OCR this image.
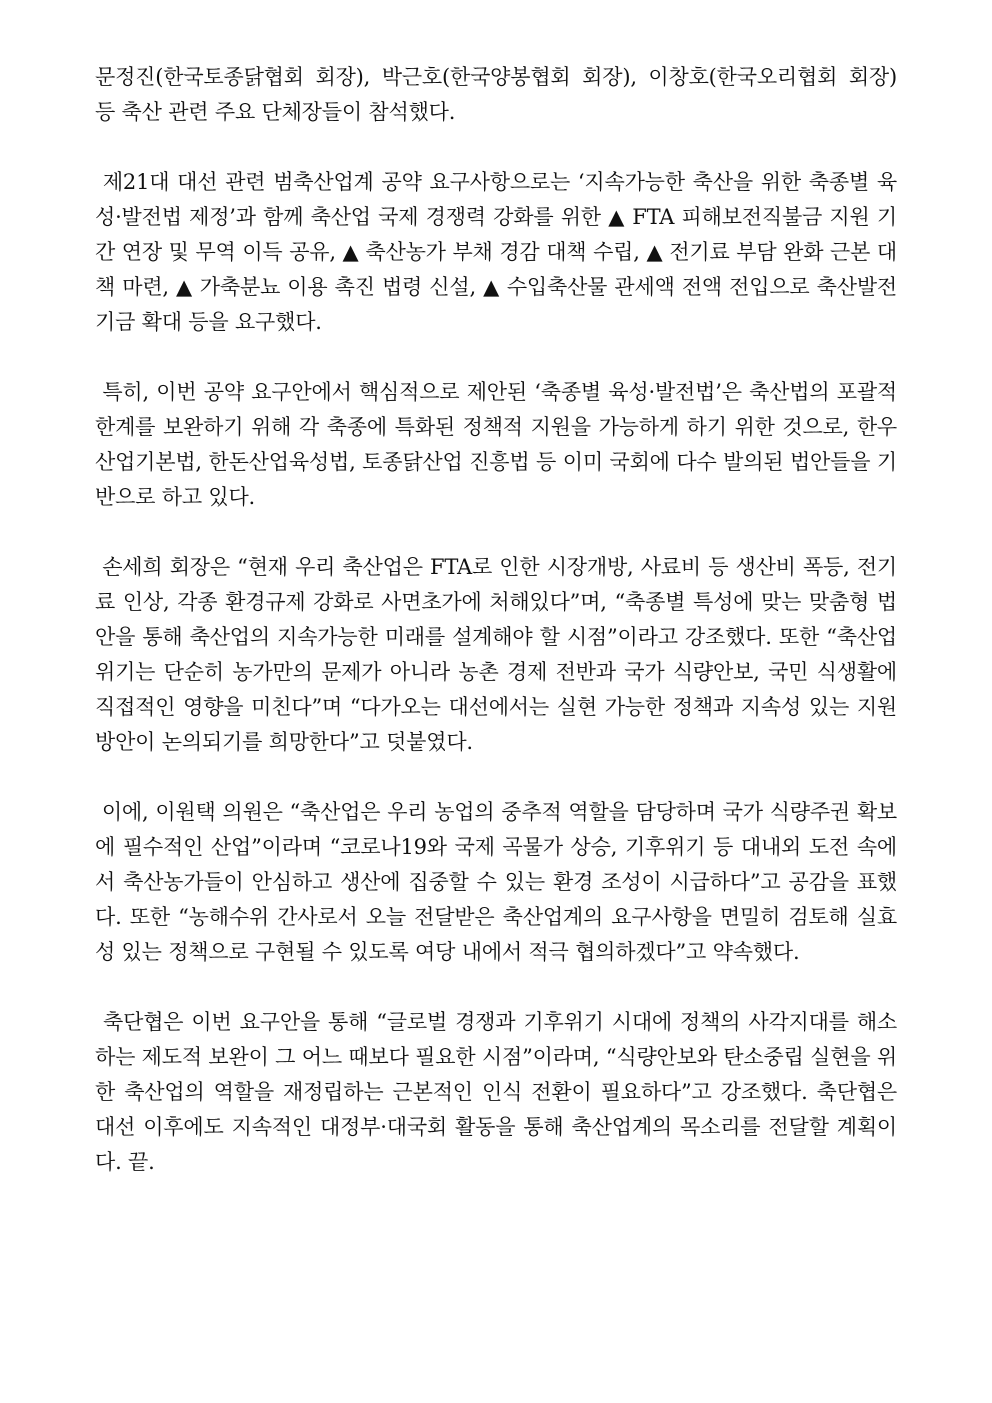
문정진(한국토종닭협회 회장), 박근호(한국양봉협회 회장), 이창호(한국오리협회 회장) 등 축산 관련 주요 단체장들이 참석했다.

제21대 대선 관련 범축산업계 공약 요구사항으로는 ‘지속가능한 축산을 위한 축종별 육성·발전법 제정’과 함께 축산업 국제 경쟁력 강화를 위한 ▲ FTA 피해보전직불금 지원 기간 연장 및 무역 이득 공유, ▲ 축산농가 부채 경감 대책 수립, ▲ 전기료 부담 완화 근본 대책 마련, ▲ 가축분뇨 이용 촉진 법령 신설, ▲ 수입축산물 관세액 전액 전입으로 축산발전기금 확대 등을 요구했다.

특히, 이번 공약 요구안에서 핵심적으로 제안된 ‘축종별 육성·발전법’은 축산법의 포괄적 한계를 보완하기 위해 각 축종에 특화된 정책적 지원을 가능하게 하기 위한 것으로, 한우산업기본법, 한돈산업육성법, 토종닭산업 진흥법 등 이미 국회에 다수 발의된 법안들을 기반으로 하고 있다.

손세희 회장은 “현재 우리 축산업은 FTA로 인한 시장개방, 사료비 등 생산비 폭등, 전기료 인상, 각종 환경규제 강화로 사면초가에 처해있다”며, “축종별 특성에 맞는 맞춤형 법안을 통해 축산업의 지속가능한 미래를 설계해야 할 시점”이라고 강조했다. 또한 “축산업 위기는 단순히 농가만의 문제가 아니라 농촌 경제 전반과 국가 식량안보, 국민 식생활에 직접적인 영향을 미친다”며 “다가오는 대선에서는 실현 가능한 정책과 지속성 있는 지원 방안이 논의되기를 희망한다”고 덧붙였다.

이에, 이원택 의원은 “축산업은 우리 농업의 중추적 역할을 담당하며 국가 식량주권 확보에 필수적인 산업”이라며 “코로나19와 국제 곡물가 상승, 기후위기 등 대내외 도전 속에서 축산농가들이 안심하고 생산에 집중할 수 있는 환경 조성이 시급하다”고 공감을 표했다. 또한 “농해수위 간사로서 오늘 전달받은 축산업계의 요구사항을 면밀히 검토해 실효성 있는 정책으로 구현될 수 있도록 여당 내에서 적극 협의하겠다”고 약속했다.

축단협은 이번 요구안을 통해 “글로벌 경쟁과 기후위기 시대에 정책의 사각지대를 해소하는 제도적 보완이 그 어느 때보다 필요한 시점”이라며, “식량안보와 탄소중립 실현을 위한 축산업의 역할을 재정립하는 근본적인 인식 전환이 필요하다”고 강조했다. 축단협은 대선 이후에도 지속적인 대정부·대국회 활동을 통해 축산업계의 목소리를 전달할 계획이다. 끝.
